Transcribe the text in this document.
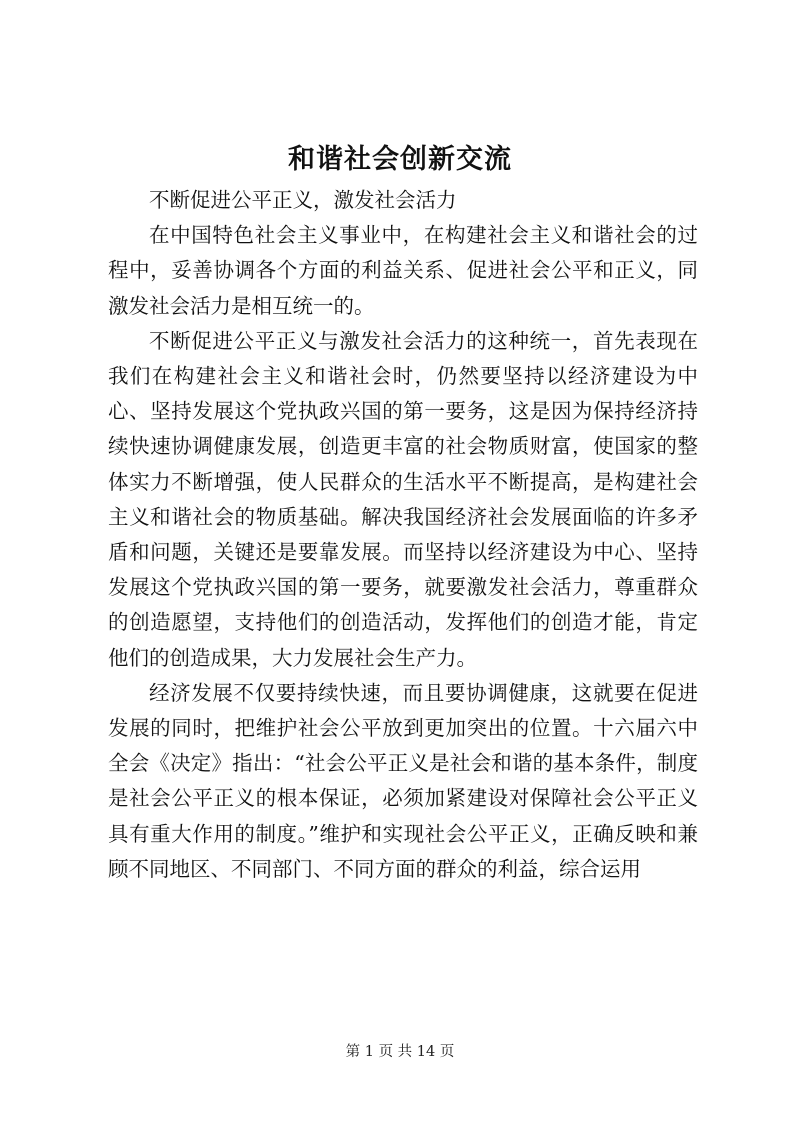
和谐社会创新交流

不断促进公平正义，激发社会活力

在中国特色社会主义事业中，在构建社会主义和谐社会的过程中，妥善协调各个方面的利益关系、促进社会公平和正义，同激发社会活力是相互统一的。

不断促进公平正义与激发社会活力的这种统一，首先表现在我们在构建社会主义和谐社会时，仍然要坚持以经济建设为中心、坚持发展这个党执政兴国的第一要务，这是因为保持经济持续快速协调健康发展，创造更丰富的社会物质财富，使国家的整体实力不断增强，使人民群众的生活水平不断提高，是构建社会主义和谐社会的物质基础。解决我国经济社会发展面临的许多矛盾和问题，关键还是要靠发展。而坚持以经济建设为中心、坚持发展这个党执政兴国的第一要务，就要激发社会活力，尊重群众的创造愿望，支持他们的创造活动，发挥他们的创造才能，肯定他们的创造成果，大力发展社会生产力。

经济发展不仅要持续快速，而且要协调健康，这就要在促进发展的同时，把维护社会公平放到更加突出的位置。十六届六中全会《决定》指出：“社会公平正义是社会和谐的基本条件，制度是社会公平正义的根本保证，必须加紧建设对保障社会公平正义具有重大作用的制度。”维护和实现社会公平正义，正确反映和兼顾不同地区、不同部门、不同方面的群众的利益，综合运用

第 1 页 共 14 页
